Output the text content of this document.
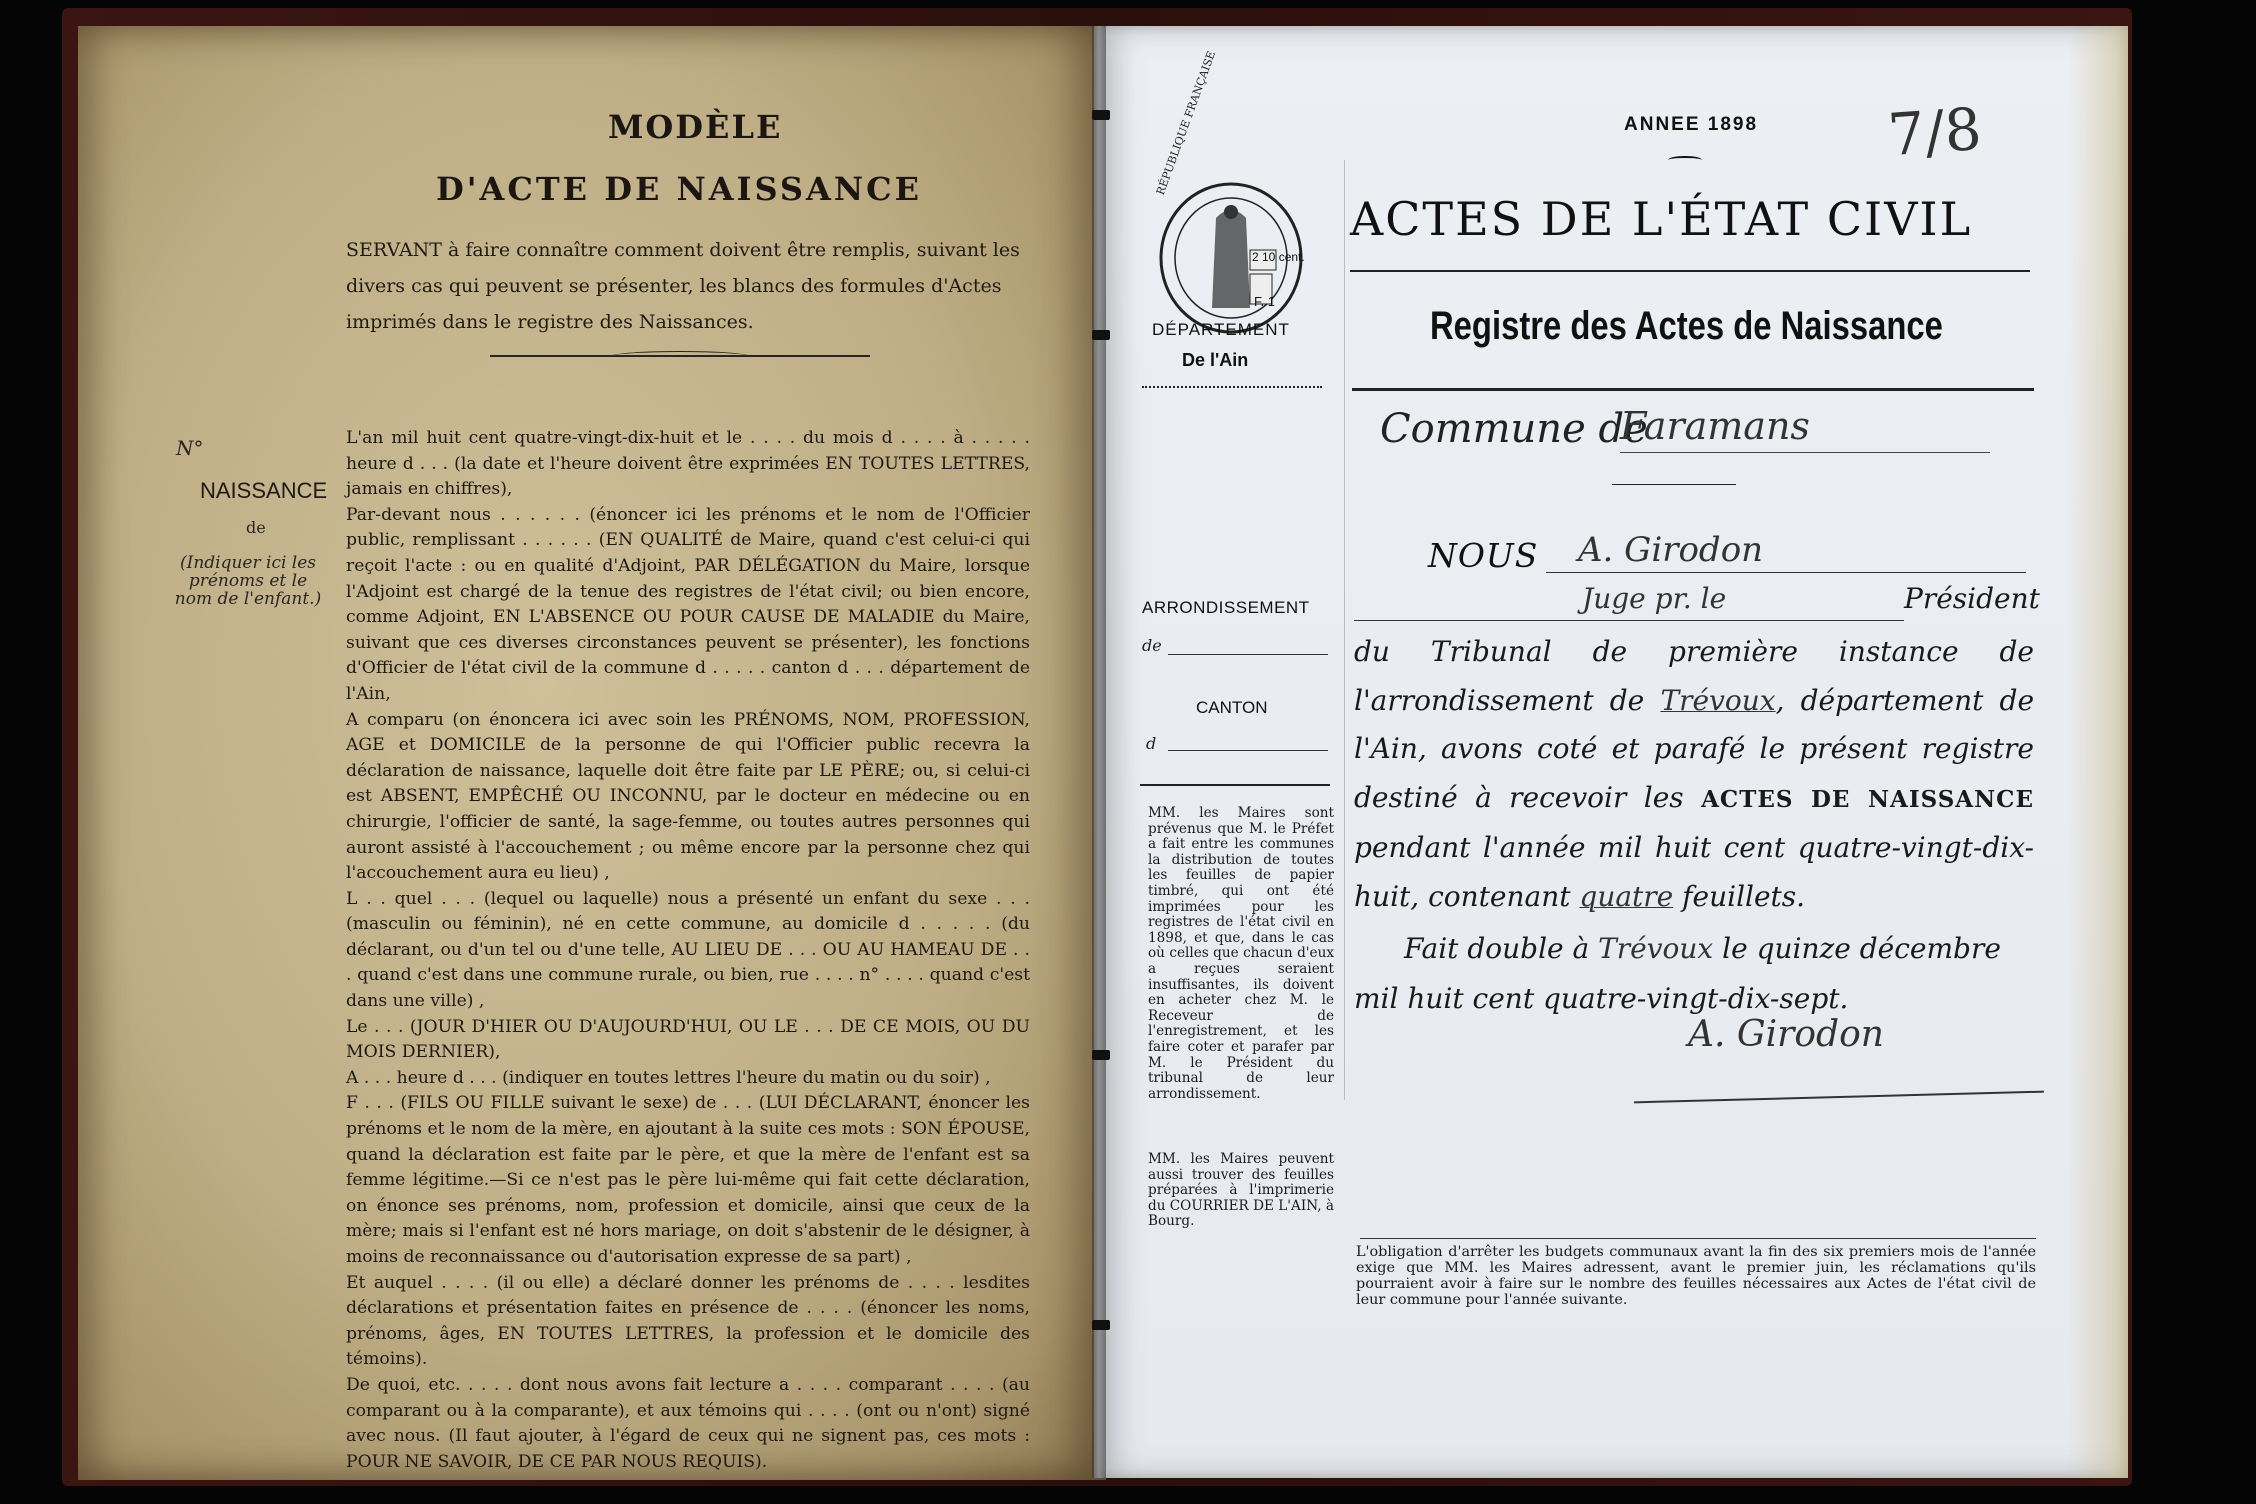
MODÈLE
D'ACTE DE NAISSANCE
SERVANT à faire connaître comment doivent être remplis, suivant les divers cas qui peuvent se présenter, les blancs des formules d'Actes imprimés dans le registre des Naissances.
N°
NAISSANCE
de
(Indiquer ici les prénoms et le nom de l'enfant.)

L'an mil huit cent quatre-vingt-dix-huit et le . . . . du mois d . . . . à . . . . . heure d . . . (la date et l'heure doivent être exprimées EN TOUTES LETTRES, jamais en chiffres),

Par-devant nous . . . . . . (énoncer ici les prénoms et le nom de l'Officier public, remplissant . . . . . . (EN QUALITÉ de Maire, quand c'est celui-ci qui reçoit l'acte : ou en qualité d'Adjoint, PAR DÉLÉGATION du Maire, lorsque l'Adjoint est chargé de la tenue des registres de l'état civil; ou bien encore, comme Adjoint, EN L'ABSENCE OU POUR CAUSE DE MALADIE du Maire, suivant que ces diverses circonstances peuvent se présenter), les fonctions d'Officier de l'état civil de la commune d . . . . . canton d . . . département de l'Ain,

A comparu (on énoncera ici avec soin les PRÉNOMS, NOM, PROFESSION, AGE et DOMICILE de la personne de qui l'Officier public recevra la déclaration de naissance, laquelle doit être faite par LE PÈRE; ou, si celui-ci est ABSENT, EMPÊCHÉ OU INCONNU, par le docteur en médecine ou en chirurgie, l'officier de santé, la sage-femme, ou toutes autres personnes qui auront assisté à l'accouchement ; ou même encore par la personne chez qui l'accouchement aura eu lieu) ,

L . . quel . . . (lequel ou laquelle) nous a présenté un enfant du sexe . . . (masculin ou féminin), né en cette commune, au domicile d . . . . . (du déclarant, ou d'un tel ou d'une telle, AU LIEU DE . . . OU AU HAMEAU DE . . . quand c'est dans une commune rurale, ou bien, rue . . . . n° . . . . quand c'est dans une ville) ,

Le . . . (JOUR D'HIER OU D'AUJOURD'HUI, OU LE . . . DE CE MOIS, OU DU MOIS DERNIER),

A . . . heure d . . . (indiquer en toutes lettres l'heure du matin ou du soir) ,

F . . . (FILS OU FILLE suivant le sexe) de . . . (LUI DÉCLARANT, énoncer les prénoms et le nom de la mère, en ajoutant à la suite ces mots : SON ÉPOUSE, quand la déclaration est faite par le père, et que la mère de l'enfant est sa femme légitime.—Si ce n'est pas le père lui-même qui fait cette déclaration, on énonce ses prénoms, nom, profession et domicile, ainsi que ceux de la mère; mais si l'enfant est né hors mariage, on doit s'abstenir de le désigner, à moins de reconnaissance ou d'autorisation expresse de sa part) ,

Et auquel . . . . (il ou elle) a déclaré donner les prénoms de . . . . lesdites déclarations et présentation faites en présence de . . . . (énoncer les noms, prénoms, âges, EN TOUTES LETTRES, la profession et le domicile des témoins).

De quoi, etc. . . . . dont nous avons fait lecture a . . . . comparant . . . . (au comparant ou à la comparante), et aux témoins qui . . . . (ont ou n'ont) signé avec nous. (Il faut ajouter, à l'égard de ceux qui ne signent pas, ces mots : POUR NE SAVOIR, DE CE PAR NOUS REQUIS).

ANNEE 1898 7/8
RÉPUBLIQUE FRANÇAISE
2 10 cent.
F. 1
DÉPARTEMENT
De l'Ain
ACTES DE L'ÉTAT CIVIL
Registre des Actes de Naissance
Commune de
Faramans
NOUS A. Girodon
Juge pr. le	Président
du Tribunal de première instance de l'arrondissement de Trévoux, département de l'Ain, avons coté et parafé le présent registre destiné à recevoir les ACTES DE NAISSANCE pendant l'année mil huit cent quatre-vingt-dix-huit, contenant quatre feuillets.
Fait double à Trévoux le quinze décembre
mil huit cent quatre-vingt-dix-sept.
A. Girodon
ARRONDISSEMENT
de
CANTON
d
MM. les Maires sont prévenus que M. le Préfet a fait entre les communes la distribution de toutes les feuilles de papier timbré, qui ont été imprimées pour les registres de l'état civil en 1898, et que, dans le cas où celles que chacun d'eux a reçues seraient insuffisantes, ils doivent en acheter chez M. le Receveur de l'enregistrement, et les faire coter et parafer par M. le Président du tribunal de leur arrondissement.
MM. les Maires peuvent aussi trouver des feuilles préparées à l'imprimerie du COURRIER DE L'AIN, à Bourg.
L'obligation d'arrêter les budgets communaux avant la fin des six premiers mois de l'année exige que MM. les Maires adressent, avant le premier juin, les réclamations qu'ils pourraient avoir à faire sur le nombre des feuilles nécessaires aux Actes de l'état civil de leur commune pour l'année suivante.
